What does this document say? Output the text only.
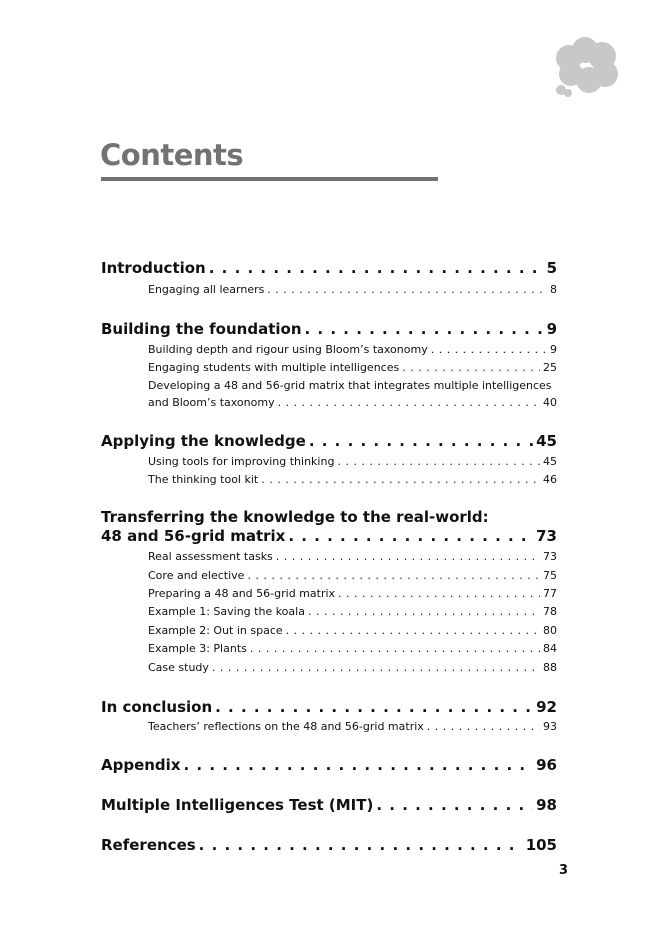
Contents
Introduction . . .	5
Engaging all learners . . .	8
Building the foundation . . .	9
Building depth and rigour using Bloom’s taxonomy . . .	9
Engaging students with multiple intelligences . . .	25
Developing a 48 and 56-grid matrix that integrates multiple intelligences
and Bloom’s taxonomy . . .	40
Applying the knowledge . . .	45
Using tools for improving thinking . . .	45
The thinking tool kit . . .	46
Transferring the knowledge to the real-world:
48 and 56-grid matrix . . .	73
Real assessment tasks . . .	73
Core and elective . . .	75
Preparing a 48 and 56-grid matrix . . .	77
Example 1: Saving the koala . . .	78
Example 2: Out in space . . .	80
Example 3: Plants . . .	84
Case study . . .	88
In conclusion . . .	92
Teachers’ reflections on the 48 and 56-grid matrix . . .	93
Appendix . . .	96
Multiple Intelligences Test (MIT) . . .	98
References . . .	105
3
